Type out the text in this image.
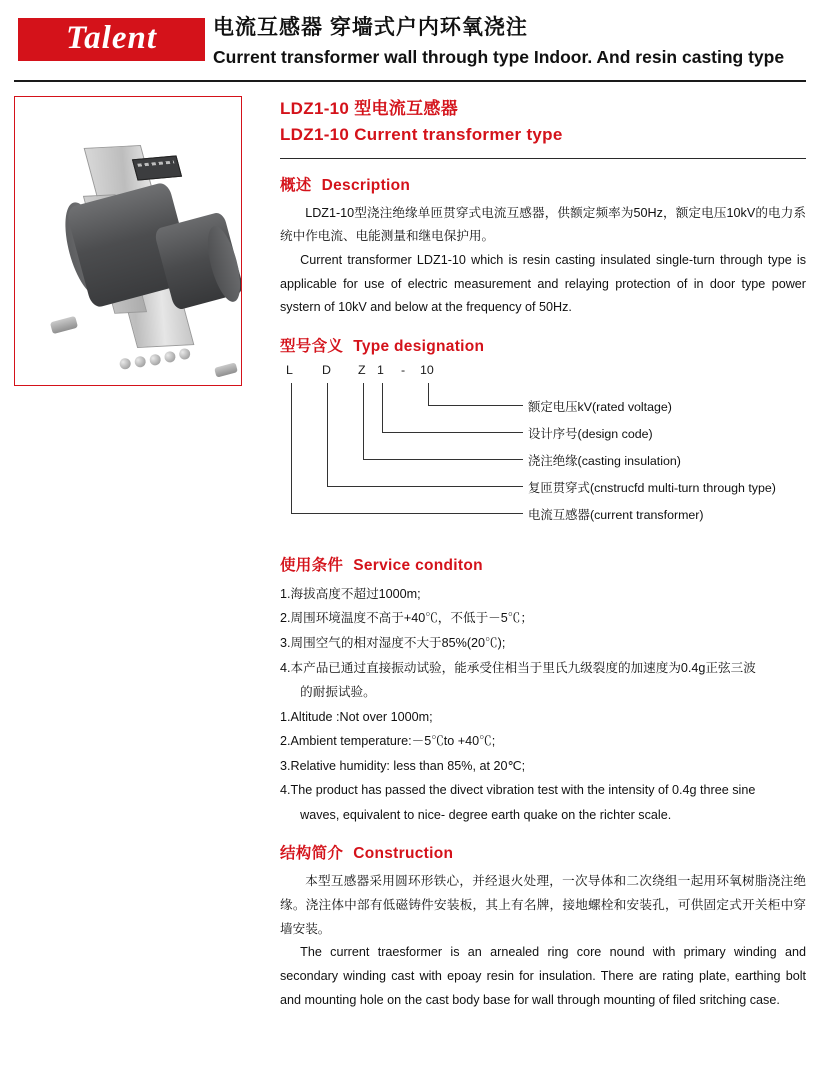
Talent	电流互感器 穿墙式户内环氧浇注
Current transformer wall through type Indoor. And resin casting type
LDZ1-10 型电流互感器
LDZ1-10 Current transformer type
概述 Description
LDZ1-10型浇注绝缘单匝贯穿式电流互感器，供额定频率为50Hz，额定电压10kV的电力系统中作电流、电能测量和继电保护用。
Current transformer LDZ1-10 which is resin casting insulated single-turn through type is applicable for use of electric measurement and relaying protection of in door type power systern of 10kV and below at the frequency of 50Hz.
型号含义 Type designation
L D Z 1 - 10
额定电压kV(rated voltage)
设计序号(design code)
浇注绝缘(casting insulation)
复匝贯穿式(cnstrucfd multi-turn through type)
电流互感器(current transformer)
使用条件 Service conditon
1.海拔高度不超过1000m;
2.周围环境温度不高于+40℃，不低于－5℃；
3.周围空气的相对湿度不大于85%(20℃);
4.本产品已通过直接振动试验，能承受住相当于里氏九级裂度的加速度为0.4g正弦三波
的耐振试验。
1.Altitude :Not over 1000m;
2.Ambient temperature:－5℃to +40℃;
3.Relative humidity: less than 85%, at 20℃;
4.The product has passed the divect vibration test with the intensity of 0.4g three sine
waves, equivalent to nice- degree earth quake on the richter scale.
结构简介 Construction
本型互感器采用圆环形铁心，并经退火处理，一次导体和二次绕组一起用环氧树脂浇注绝缘。浇注体中部有低磁铸件安装板，其上有名牌，接地螺栓和安装孔，可供固定式开关柜中穿墙安装。
The current traesformer is an arnealed ring core nound with primary winding and secondary winding cast with epoay resin for insulation. There are rating plate, earthing bolt and mounting hole on the cast body base for wall through mounting of filed sritching case.
